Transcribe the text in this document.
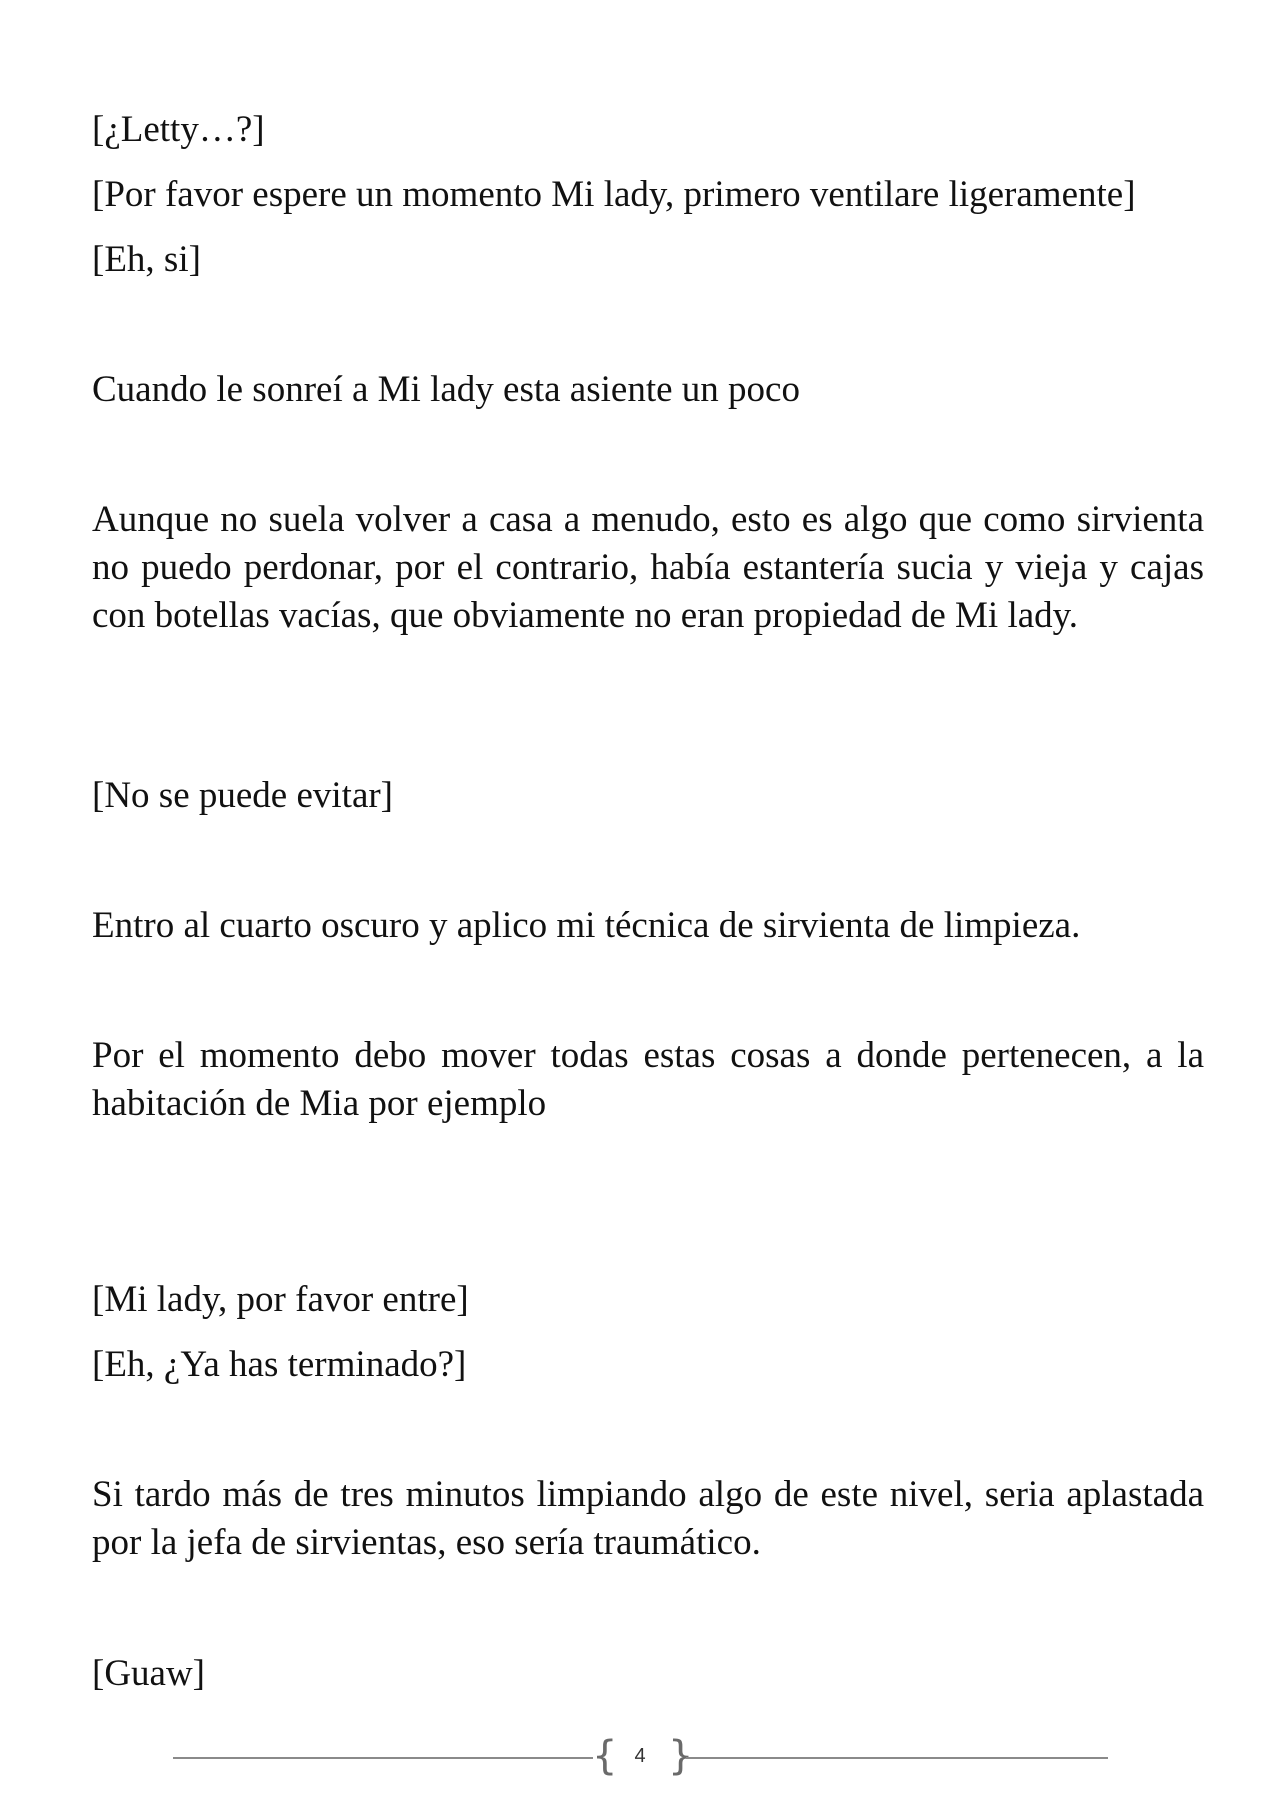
[¿Letty…?]

[Por favor espere un momento Mi lady, primero ventilare ligeramente]

[Eh, si]

Cuando le sonreí a Mi lady esta asiente un poco

Aunque no suela volver a casa a menudo, esto es algo que como sirvienta no puedo perdonar, por el contrario, había estantería sucia y vieja y cajas con botellas vacías, que obviamente no eran propiedad de Mi lady.

[No se puede evitar]

Entro al cuarto oscuro y aplico mi técnica de sirvienta de limpieza.

Por el momento debo mover todas estas cosas a donde pertenecen, a la habitación de Mia por ejemplo

[Mi lady, por favor entre]

[Eh, ¿Ya has terminado?]

Si tardo más de tres minutos limpiando algo de este nivel, seria aplastada por la jefa de sirvientas, eso sería traumático.

[Guaw]

{ 4 }
